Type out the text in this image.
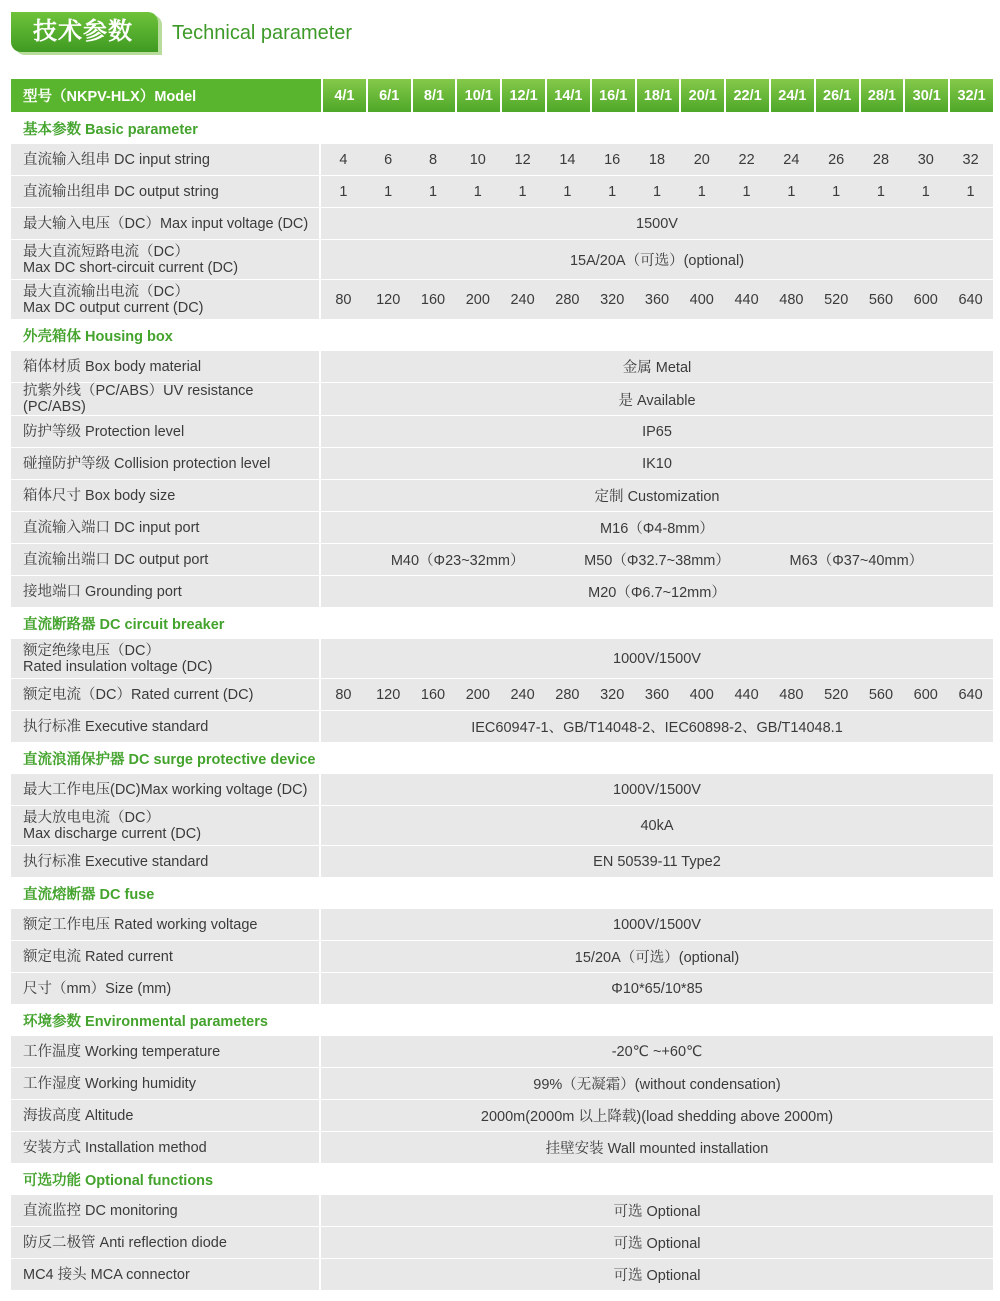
技术参数	Technical parameter
型号（NKPV-HLX）Model	4/1	6/1	8/1	10/1	12/1	14/1	16/1	18/1	20/1	22/1	24/1	26/1	28/1	30/1	32/1
基本参数 Basic parameter															
直流输入组串 DC input string	4	6	8	10	12	14	16	18	20	22	24	26	28	30	32
直流输出组串 DC output string	1	1	1	1	1	1	1	1	1	1	1	1	1	1	1
最大输入电压（DC）Max input voltage (DC)	1500V														

最大直流短路电流（DC）
Max DC short-circuit current (DC)	15A/20A（可选）(optional)														

最大直流输出电流（DC）
Max DC output current (DC)	80	120	160	200	240	280	320	360	400	440	480	520	560	600	640
外壳箱体 Housing box															
箱体材质 Box body material	金属 Metal														
抗紫外线（PC/ABS）UV resistance (PC/ABS)	是 Available														
防护等级 Protection level	IP65														
碰撞防护等级 Collision protection level	IK10														
箱体尺寸 Box body size	定制 Customization														
直流输入端口 DC input port	M16（Φ4-8mm）														
直流输出端口 DC output port	M40（Φ23~32mm） M50（Φ32.7~38mm） M63（Φ37~40mm）														

接地端口 Grounding port	M20（Φ6.7~12mm）														
直流断路器 DC circuit breaker															

额定绝缘电压（DC）
Rated insulation voltage (DC)	1000V/1500V														
额定电流（DC）Rated current (DC)	80	120	160	200	240	280	320	360	400	440	480	520	560	600	640
执行标准 Executive standard	IEC60947-1、GB/T14048-2、IEC60898-2、GB/T14048.1														
直流浪涌保护器 DC surge protective device															
最大工作电压(DC)Max working voltage (DC)	1000V/1500V														

最大放电电流（DC）
Max discharge current (DC)	40kA														
执行标准 Executive standard	EN 50539-11 Type2														
直流熔断器 DC fuse															
额定工作电压 Rated working voltage	1000V/1500V														
额定电流 Rated current	15/20A（可选）(optional)														
尺寸（mm）Size (mm)	Φ10*65/10*85														
环境参数 Environmental parameters															
工作温度 Working temperature	-20℃ ~+60℃														
工作湿度 Working humidity	99%（无凝霜）(without condensation)														
海拔高度 Altitude	2000m(2000m 以上降载)(load shedding above 2000m)														
安装方式 Installation method	挂壁安装 Wall mounted installation														
可选功能 Optional functions															
直流监控 DC monitoring	可选 Optional														
防反二极管 Anti reflection diode	可选 Optional														
MC4 接头 MCA connector	可选 Optional														
